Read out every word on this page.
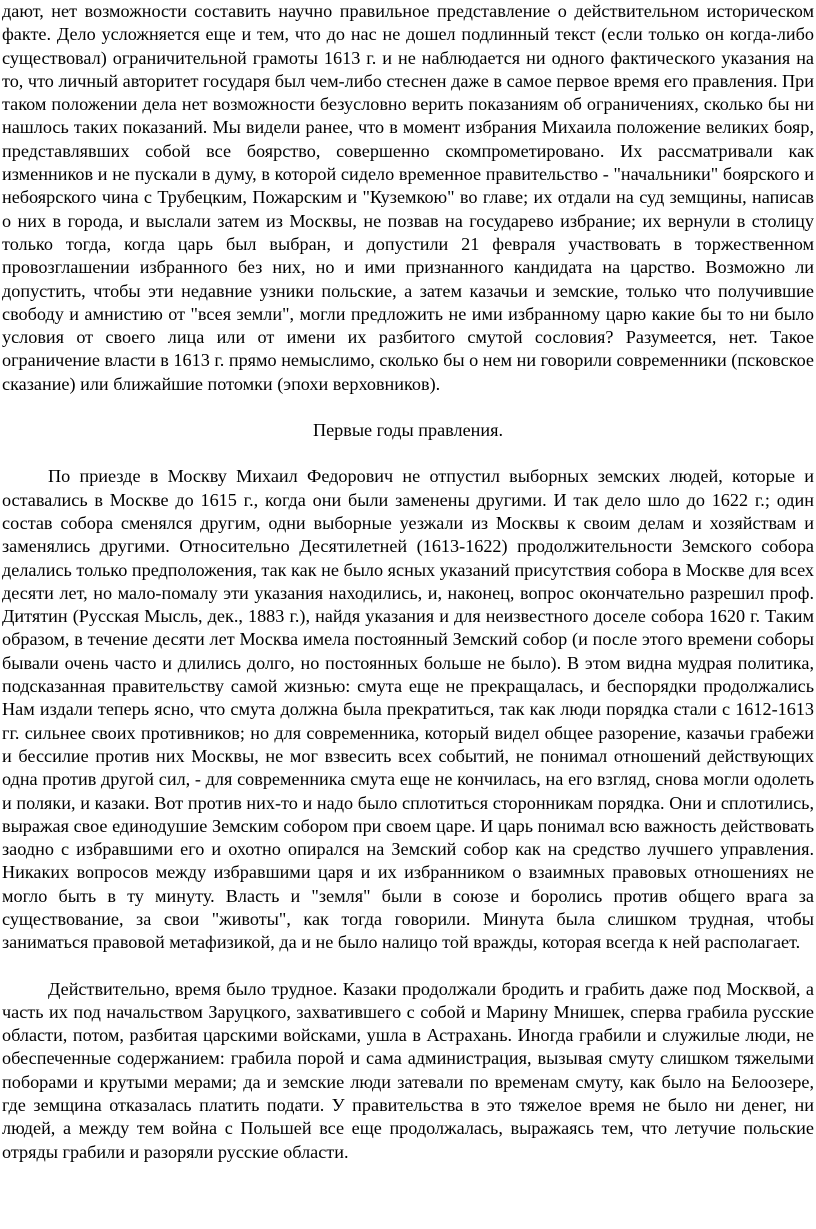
дают, нет возможности составить научно правильное представление о действительном историческом факте. Дело усложняется еще и тем, что до нас не дошел подлинный текст (если только он когда-либо существовал) ограничительной грамоты 1613 г. и не наблюдается ни одного фактического указания на то, что личный авторитет государя был чем-либо стеснен даже в самое первое время его правления. При таком положении дела нет возможности безусловно верить показаниям об ограничениях, сколько бы ни нашлось таких показаний. Мы видели ранее, что в момент избрания Михаила положение великих бояр, представлявших собой все боярство, совершенно скомпрометировано. Их рассматривали как изменников и не пускали в думу, в которой сидело временное правительство - "начальники" боярского и небоярского чина с Трубецким, Пожарским и "Куземкою" во главе; их отдали на суд земщины, написав о них в города, и выслали затем из Москвы, не позвав на государево избрание; их вернули в столицу только тогда, когда царь был выбран, и допустили 21 февраля участвовать в торжественном провозглашении избранного без них, но и ими признанного кандидата на царство. Возможно ли допустить, чтобы эти недавние узники польские, а затем казачьи и земские, только что получившие свободу и амнистию от "всея земли", могли предложить не ими избранному царю какие бы то ни было условия от своего лица или от имени их разбитого смутой сословия? Разумеется, нет. Такое ограничение власти в 1613 г. прямо немыслимо, сколько бы о нем ни говорили современники (псковское сказание) или ближайшие потомки (эпохи верховников).

Первые годы правления.

По приезде в Москву Михаил Федорович не отпустил выборных земских людей, которые и оставались в Москве до 1615 г., когда они были заменены другими. И так дело шло до 1622 г.; один состав собора сменялся другим, одни выборные уезжали из Москвы к своим делам и хозяйствам и заменялись другими. Относительно Десятилетней (1613-1622) продолжительности Земского собора делались только предположения, так как не было ясных указаний присутствия собора в Москве для всех десяти лет, но мало-помалу эти указания находились, и, наконец, вопрос окончательно разрешил проф. Дитятин (Русская Мысль, дек., 1883 г.), найдя указания и для неизвестного доселе собора 1620 г. Таким образом, в течение десяти лет Москва имела постоянный Земский собор (и после этого времени соборы бывали очень часто и длились долго, но постоянных больше не было). В этом видна мудрая политика, подсказанная правительству самой жизнью: смута еще не прекращалась, и беспорядки продолжались Нам издали теперь ясно, что смута должна была прекратиться, так как люди порядка стали с 1612-1613 гг. сильнее своих противников; но для современника, который видел общее разорение, казачьи грабежи и бессилие против них Москвы, не мог взвесить всех событий, не понимал отношений действующих одна против другой сил, - для современника смута еще не кончилась, на его взгляд, снова могли одолеть и поляки, и казаки. Вот против них-то и надо было сплотиться сторонникам порядка. Они и сплотились, выражая свое единодушие Земским собором при своем царе. И царь понимал всю важность действовать заодно с избравшими его и охотно опирался на Земский собор как на средство лучшего управления. Никаких вопросов между избравшими царя и их избранником о взаимных правовых отношениях не могло быть в ту минуту. Власть и "земля" были в союзе и боролись против общего врага за существование, за свои "животы", как тогда говорили. Минута была слишком трудная, чтобы заниматься правовой метафизикой, да и не было налицо той вражды, которая всегда к ней располагает.

Действительно, время было трудное. Казаки продолжали бродить и грабить даже под Москвой, а часть их под начальством Заруцкого, захватившего с собой и Марину Мнишек, сперва грабила русские области, потом, разбитая царскими войсками, ушла в Астрахань. Иногда грабили и служилые люди, не обеспеченные содержанием: грабила порой и сама администрация, вызывая смуту слишком тяжелыми поборами и крутыми мерами; да и земские люди затевали по временам смуту, как было на Белоозере, где земщина отказалась платить подати. У правительства в это тяжелое время не было ни денег, ни людей, а между тем война с Польшей все еще продолжалась, выражаясь тем, что летучие польские отряды грабили и разоряли русские области.
